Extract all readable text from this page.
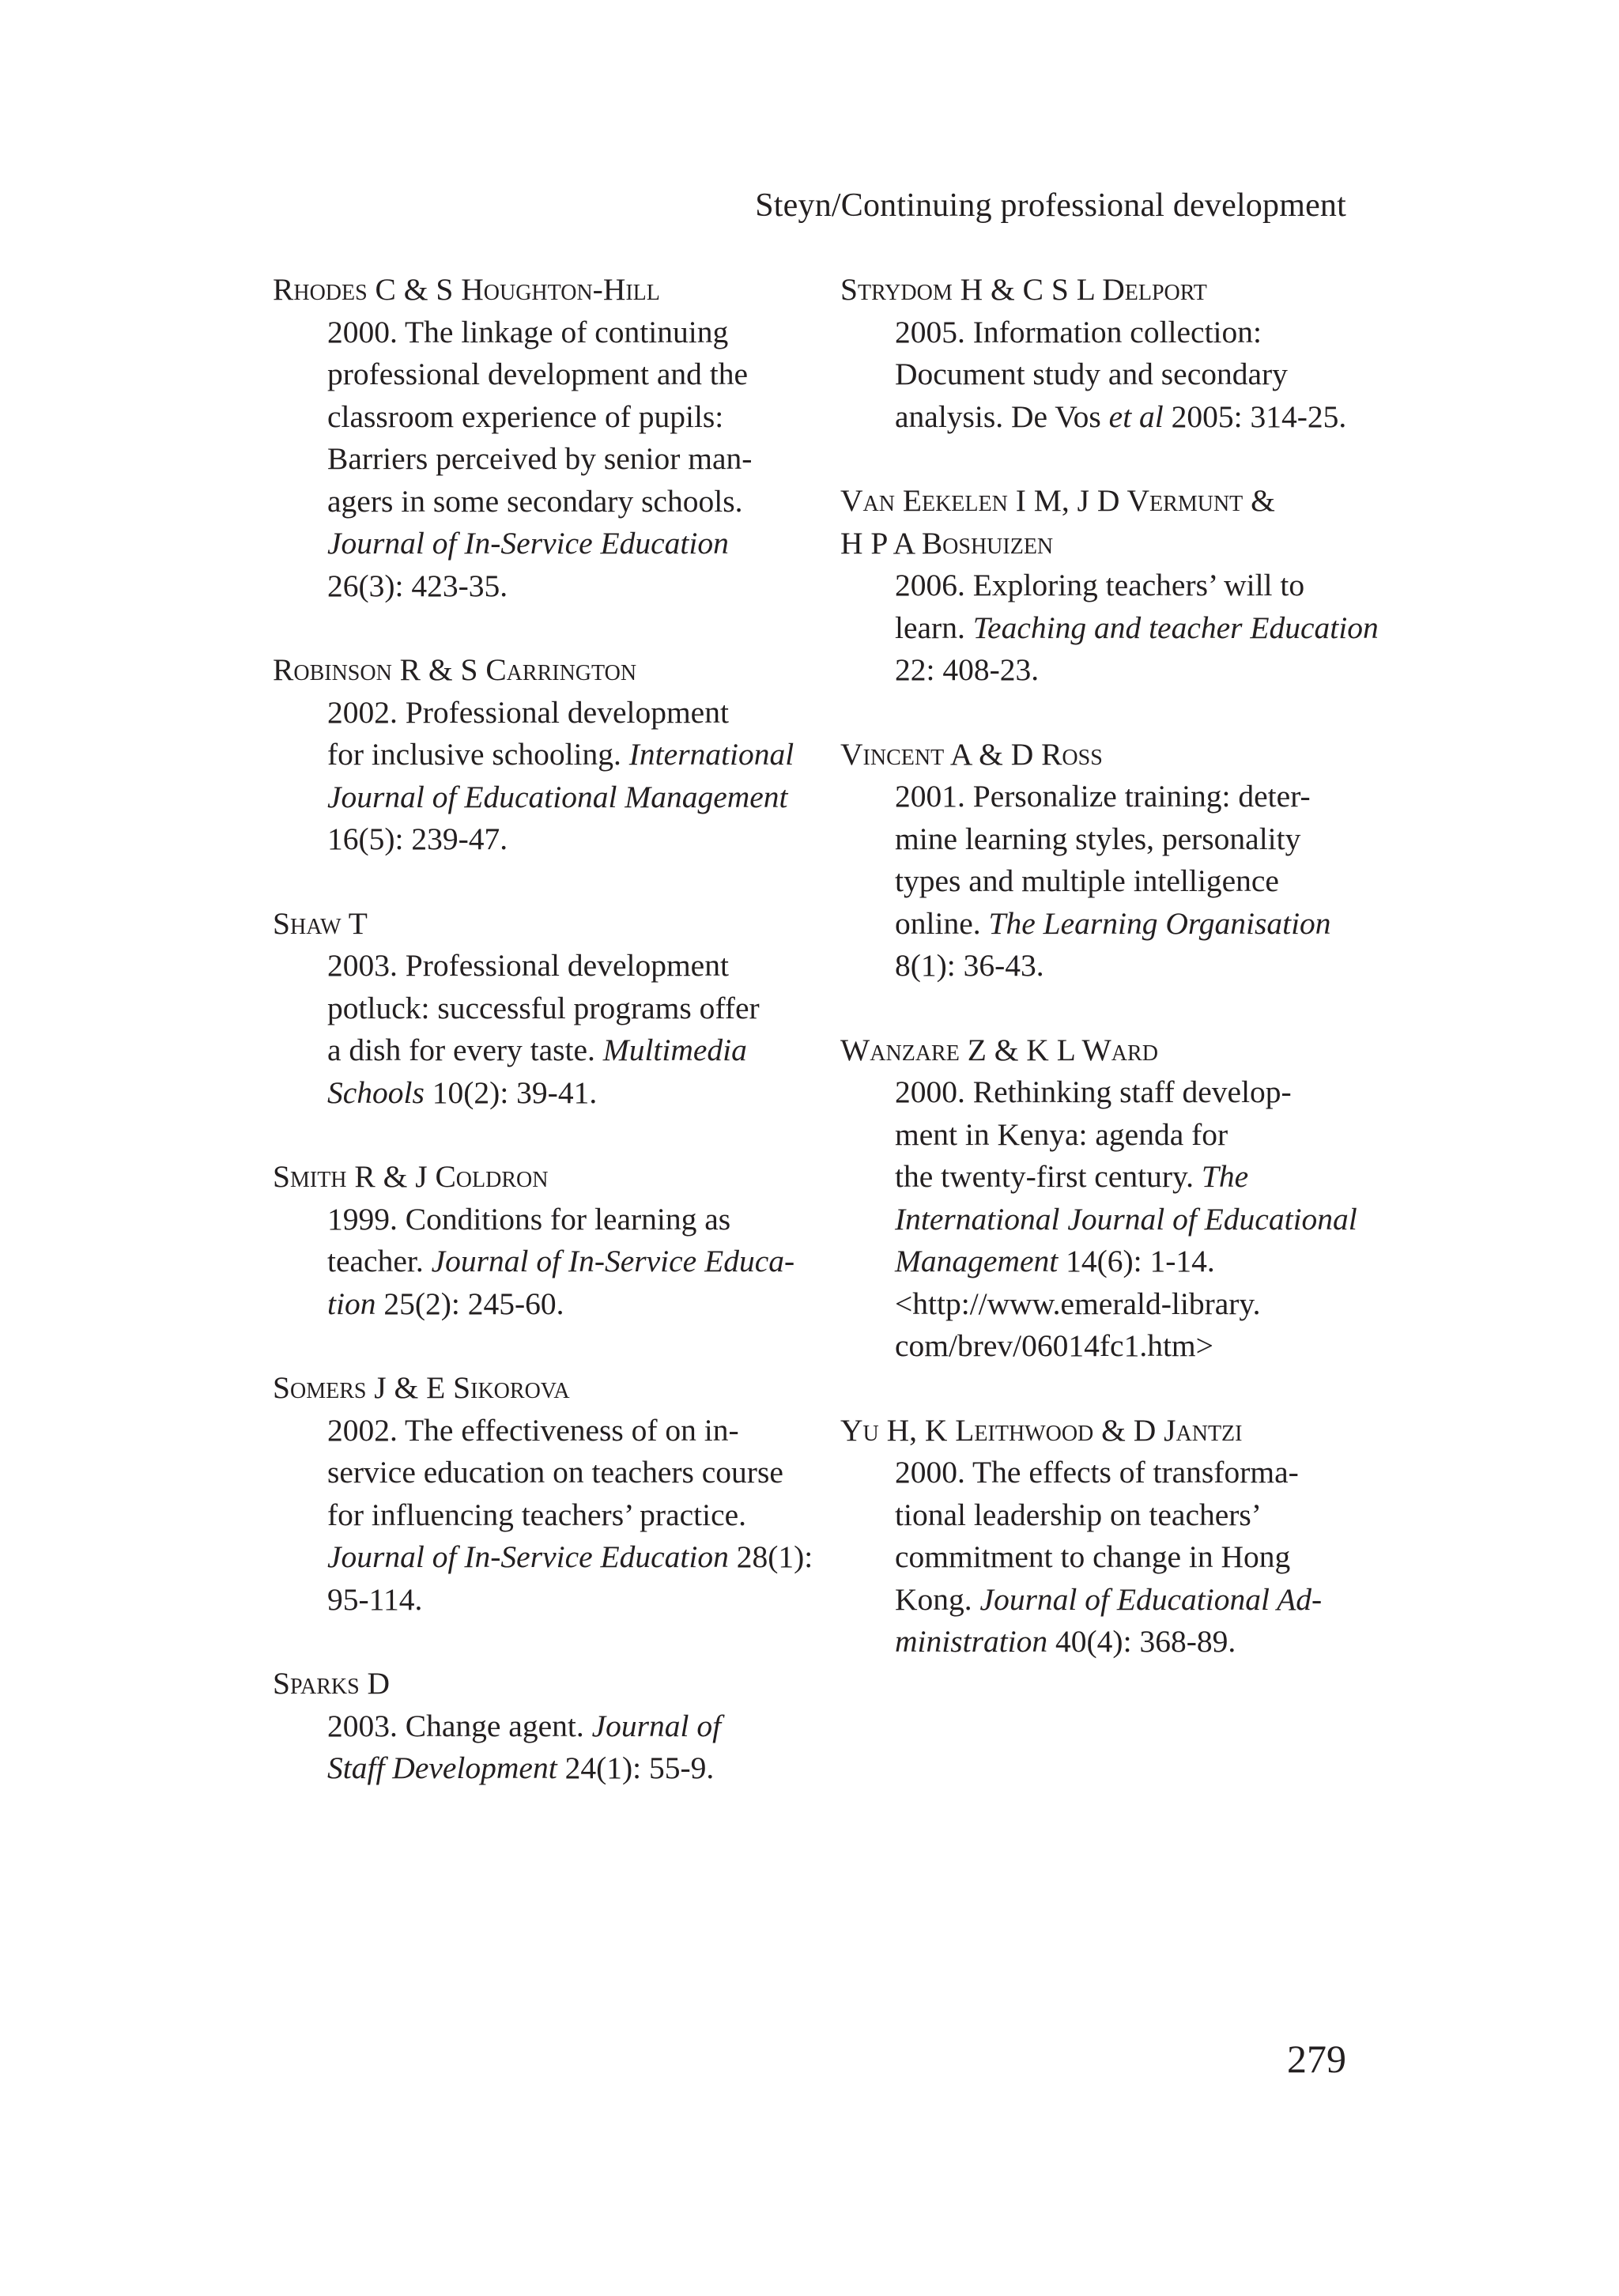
Steyn/Continuing professional development
Rhodes C & S Houghton-Hill
2000. The linkage of continuing
professional development and the
classroom experience of pupils:
Barriers perceived by senior man-
agers in some secondary schools.
Journal of In-Service Education
26(3): 423-35.
Robinson R & S Carrington
2002. Professional development
for inclusive schooling. International
Journal of Educational Management
16(5): 239-47.
Shaw T
2003. Professional development
potluck: successful programs offer
a dish for every taste. Multimedia
Schools 10(2): 39-41.
Smith R & J Coldron
1999. Conditions for learning as
teacher. Journal of In-Service Educa-
tion 25(2): 245-60.
Somers J & E Sikorova
2002. The effectiveness of on in-
service education on teachers course
for influencing teachers’ practice.
Journal of In-Service Education 28(1):
95-114.
Sparks D
2003. Change agent. Journal of
Staff Development 24(1): 55-9.
Strydom H & C S L Delport
2005. Information collection:
Document study and secondary
analysis. De Vos et al 2005: 314-25.
Van Eekelen I M, J D Vermunt &
H P A Boshuizen
2006. Exploring teachers’ will to
learn. Teaching and teacher Education
22: 408-23.
Vincent A & D Ross
2001. Personalize training: deter-
mine learning styles, personality
types and multiple intelligence
online. The Learning Organisation
8(1): 36-43.
Wanzare Z & K L Ward
2000. Rethinking staff develop-
ment in Kenya: agenda for
the twenty-first century. The
International Journal of Educational
Management 14(6): 1-14.
<http://www.emerald-library.
com/brev/06014fc1.htm>
Yu H, K Leithwood & D Jantzi
2000. The effects of transforma-
tional leadership on teachers’
commitment to change in Hong
Kong. Journal of Educational Ad-
ministration 40(4): 368-89.
279
